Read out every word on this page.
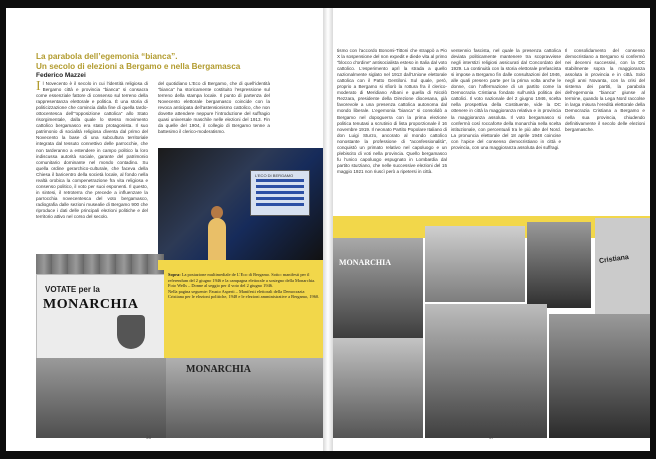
La parabola dell’egemonia “bianca”.
Un secolo di elezioni a Bergamo e nella Bergamasca
Federico Mazzei
I l Novecento è il secolo in cui l’identità religiosa di Bergamo città e provincia “bianca” si consacra come essenziale fattore di consenso sul terreno della rappresentanza elettorale e politica. È una storia di politicizzazione che comincia dalla fine di quella tardo-ottocentesca dell’“opposizione cattolica” allo Stato risorgimentale, dalla quale lo stesso movimento cattolico bergamasco era stato protagonista. Il suo patrimonio di socialità religiosa diventa dal primo del Novecento la base di una subcultura territoriale integrata dal tessuto connettivo delle parrocchie, che non tarderanno a estendere in campo politico la loro indiscussa autorità sociale, garante del patrimonio comunitario dominante nel mondo contadino. Su quella ordine gerarchico-culturale, che faceva della Chiesa il baricentro della società locale, al fondo nella realtà orobica la compenetrazione fra vita religiosa e consenso politico, il voto per suoi esponenti. Il questo, in sintesi, il retroterra che precede a influenzare la parrocchia novecentesca del voto bergamasco, radiografia dalle sezioni musealie di Bergamo 900 che riproduce i dati delle principali elezioni politiche e del territorio attivo nel corso del secolo.
del quotidiano L’Eco di Bergamo, che di quell’identità “bianca” ha storicamente costituito l’espressione sul terreno della stampa locale. Il punto di partenza del Novecento elettorale bergamasco coincide con la revoca anticipata dell’astensionismo cattolico, che non dovette attendere neppure l’introduzione del suffragio quasi universale maschile nelle elezioni del 1913. Fin da quelle del 1904, il collegio di Bergamo tenne a battesimo il clerico-moderatismo.
L’ECO DI BERGAMO
VOTATE per la
MONARCHIA
Sopra: La postazione multimediale de L’Eco di Bergamo. Sotto: manifesti per il referendum del 2 giugno 1946 e la campagna elettorale a sostegno della Monarchia. Foto Wells – Donne al seggio per il voto del 2 giugno 1946.
Nella pagina seguente: Fausto Asperti – Manifesti elettorali della Democrazia Cristiana per le elezioni politiche, 1948 e le elezioni amministrative a Bergamo, 1960.
MONARCHIA
36
tismo con l’accordo Bonomi-Tittoni che strappò a Pio X la sospensione del non expedit e diede vita al primo “blocco d’ordine” antisocialista esteso in Italia dal voto cattolico. L’esperimento aprì la strada a quello nazionalmente siglato nel 1913 dall’Unione elettorale cattolica con il Patto Gentiloni. Sul quale, però, proprio a Bergamo si sfiorò la rottura fra il clerico-moderato di Meridiano Albani e quella di Nicolò Rezzara, presidente della Direzione diocesana, già favorevole a una presenza cattolica autonoma dal mondo liberale. L’egemonia “bianca” si consolidò a Bergamo nel dopoguerra con la prima elezione politica tenutasi a scrutinio di lista proporzionale il 16 novembre 1919. Il neonato Partito Popolare Italiano di don Luigi Sturzo, ancorato al mondo cattolico nonostante la professione di “aconfessionalità”, conquistò un primato relativo nel capoluogo e un plebiscito di voti nella provincia. Quello bergamasco fu l’unico capoluogo espugnato in Lombardia dal partito sturziano, che nelle successive elezioni del 15 maggio 1921 non riuscì però a ripetersi in città.
ventennio fascista, nel quale la presenza cattolica deviata politicamente mantenere tra scopravvisse negli interstizi religiosi assicurati dal Concordato del 1929. La continuità con la storia elettorale prefascista si impose a Bergamo fin dalle consultazioni del 1946, alle quali presero parte per la prima volta anche le donne, con l’affermazione di un partito come la Democrazia Cristiana fondato sull’unità politica dei cattolici. Il voto nazionale del 2 giugno 1946, scelta nella prospettiva della Costituente, vide la DC ottenere in città la maggioranza relativa e in provincia la maggioranza assoluta. Il voto bergamasco si confermò così roccaforte della monarchia nella scelta istituzionale, con percentuali tra le più alte del Nord. La pronuncia elettorale del 18 aprile 1948 coincise con l’apice del consenso democristiano in città e provincia, con una maggioranza assoluta dei suffragi.
Il consolidamento del consenso democristiano a Bergamo si confermò nei decenni successivi, con la DC stabilmente sopra la maggioranza assoluta in provincia e in città. Solo negli anni Novanta, con la crisi del sistema dei partiti, la parabola dell’egemonia “bianca” giunse al termine, quando la Lega Nord raccolse in larga misura l’eredità elettorale della Democrazia Cristiana a Bergamo e nella sua provincia, chiudendo definitivamente il secolo delle elezioni bergamasche.
MONARCHIA	Cristiana
37
